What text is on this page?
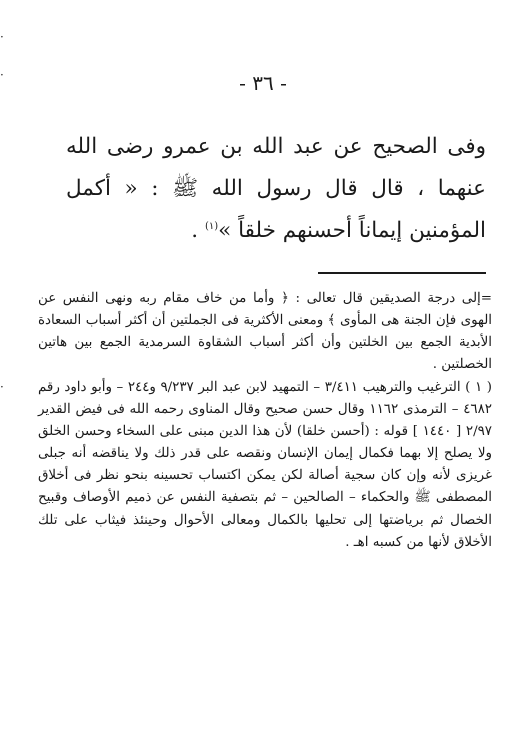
·
·
·
- ٣٦ -
وفى الصحيح عن عبد الله بن عمرو رضى الله عنهما ، قال قال رسول الله ﷺ : « أكمل المؤمنين إيماناً أحسنهم خلقاً »$^{(١)}$ .

=إلى درجة الصديقين قال تعالى : ﴿ وأما من خاف مقام ربه ونهى النفس عن الهوى فإن الجنة هى المأوى ﴾ ومعنى الأكثرية فى الجملتين أن أكثر أسباب السعادة الأبدية الجمع بين الخلتين وأن أكثر أسباب الشقاوة السرمدية الجمع بين هاتين الخصلتين .

( ١ ) الترغيب والترهيب ٣/٤١١ – التمهيد لابن عبد البر ٩/٢٣٧ و٢٤٤ – وأبو داود رقم ٤٦٨٢ – الترمذى ١١٦٢ وقال حسن صحيح وقال المناوى رحمه الله فى فيض القدير ٢/٩٧ [ ١٤٤٠ ] قوله : (أحسن خلقا) لأن هذا الدين مبنى على السخاء وحسن الخلق ولا يصلح إلا بهما فكمال إيمان الإنسان ونقصه على قدر ذلك ولا يناقضه أنه جبلى غريزى لأنه وإن كان سجية أصالة لكن يمكن اكتساب تحسينه بنحو نظر فى أخلاق المصطفى ﷺ والحكماء – الصالحين – ثم بتصفية النفس عن ذميم الأوصاف وقبيح الخصال ثم برياضتها إلى تحليها بالكمال ومعالى الأحوال وحينئذ فيثاب على تلك الأخلاق لأنها من كسبه اهـ .
